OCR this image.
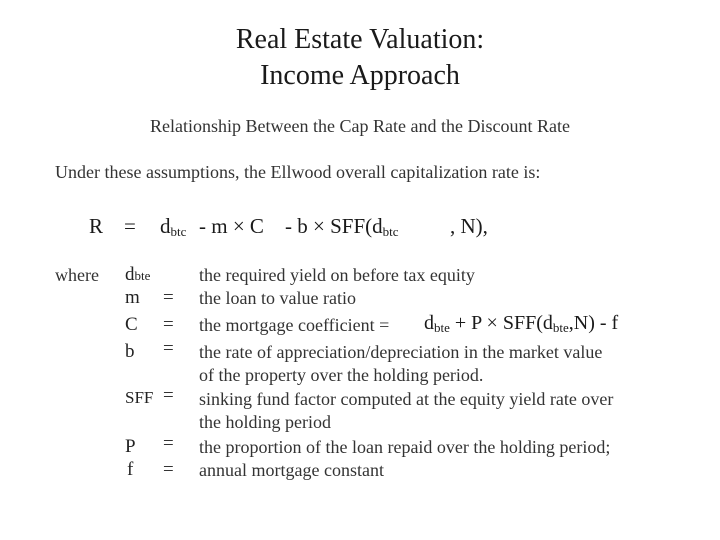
Real Estate Valuation:
Income Approach
Relationship Between the Cap Rate and the Discount Rate
Under these assumptions, the Ellwood overall capitalization rate is:
R = dbtc - m × C - b × SFF(dbtc , N),
where dbte	the required yield on before tax equity
m = the loan to value ratio
C = the mortgage coefficient = dbte + P × SFF(dbte,N) - f
b = the rate of appreciation/depreciation in the market value
of the property over the holding period.
SFF = sinking fund factor computed at the equity yield rate over
the holding period
P = the proportion of the loan repaid over the holding period;
f = annual mortgage constant
